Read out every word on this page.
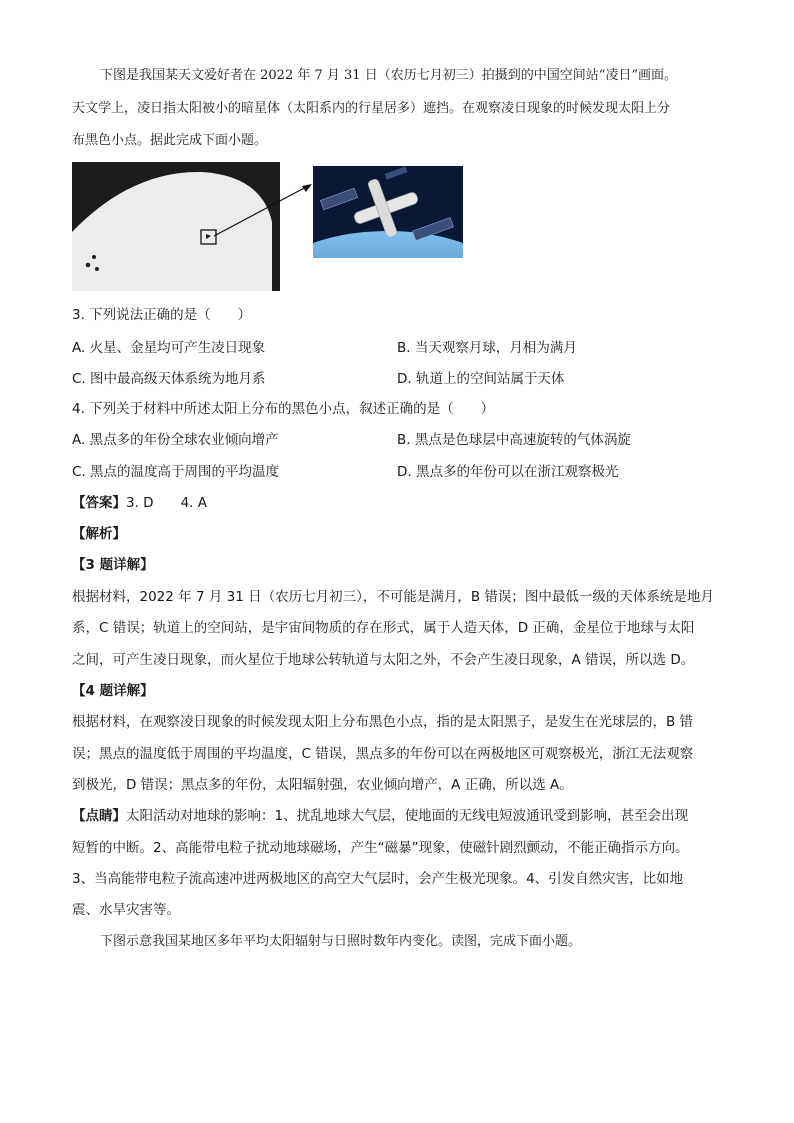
下图是我国某天文爱好者在 2022 年 7 月 31 日（农历七月初三）拍摄到的中国空间站“凌日”画面。
天文学上，凌日指太阳被小的暗星体（太阳系内的行星居多）遮挡。在观察凌日现象的时候发现太阳上分
布黑色小点。据此完成下面小题。
3. 下列说法正确的是（　　）
A. 火星、金星均可产生凌日现象	B. 当天观察月球，月相为满月
C. 图中最高级天体系统为地月系	D. 轨道上的空间站属于天体
4. 下列关于材料中所述太阳上分布的黑色小点，叙述正确的是（　　）
A. 黑点多的年份全球农业倾向增产	B. 黑点是色球层中高速旋转的气体涡旋
C. 黑点的温度高于周围的平均温度	D. 黑点多的年份可以在浙江观察极光
【答案】3. D　　4. A
【解析】
【3 题详解】
根据材料，2022 年 7 月 31 日（农历七月初三），不可能是满月，B 错误；图中最低一级的天体系统是地月
系，C 错误；轨道上的空间站，是宇宙间物质的存在形式，属于人造天体，D 正确，金星位于地球与太阳
之间，可产生凌日现象，而火星位于地球公转轨道与太阳之外，不会产生凌日现象，A 错误，所以选 D。
【4 题详解】
根据材料，在观察凌日现象的时候发现太阳上分布黑色小点，指的是太阳黑子，是发生在光球层的，B 错
误；黑点的温度低于周围的平均温度，C 错误，黑点多的年份可以在两极地区可观察极光，浙江无法观察
到极光，D 错误；黑点多的年份，太阳辐射强，农业倾向增产，A 正确，所以选 A。
【点睛】太阳活动对地球的影响：1、扰乱地球大气层，使地面的无线电短波通讯受到影响，甚至会出现
短暂的中断。2、高能带电粒子扰动地球磁场，产生“磁暴”现象，使磁针剧烈颤动，不能正确指示方向。
3、当高能带电粒子流高速冲进两极地区的高空大气层时，会产生极光现象。4、引发自然灾害，比如地
震、水旱灾害等。
下图示意我国某地区多年平均太阳辐射与日照时数年内变化。读图，完成下面小题。
